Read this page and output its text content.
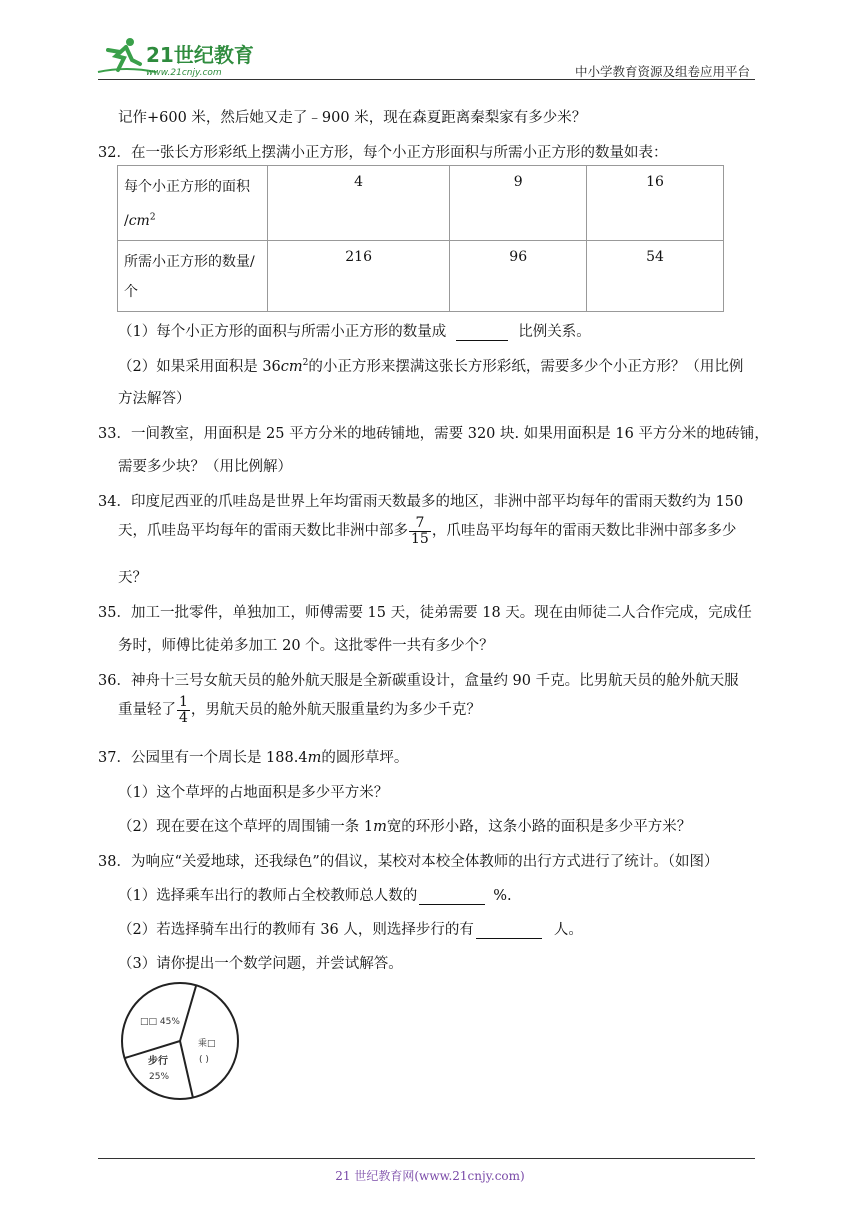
21世纪教育
www.21cnjy.com	中小学教育资源及组卷应用平台
记作+600 米，然后她又走了﹣900 米，现在森夏距离秦梨家有多少米？
32．在一张长方形彩纸上摆满小正方形，每个小正方形面积与所需小正方形的数量如表：
每个小正方形的面积
$/cm^2$	4	9	16
所需小正方形的数量/
个	216	96	54
（1）每个小正方形的面积与所需小正方形的数量成	比例关系。
（2）如果采用面积是 $36cm^2$的小正方形来摆满这张长方形彩纸，需要多少个小正方形？（用比例
方法解答）
33．一间教室，用面积是 25 平方分米的地砖铺地，需要 320 块. 如果用面积是 16 平方分米的地砖铺，
需要多少块？（用比例解）
34．印度尼西亚的爪哇岛是世界上年均雷雨天数最多的地区，非洲中部平均每年的雷雨天数约为 150
天，爪哇岛平均每年的雷雨天数比非洲中部多 $\frac{7}{15}$ ，爪哇岛平均每年的雷雨天数比非洲中部多多少
天？
35．加工一批零件，单独加工，师傅需要 15 天，徒弟需要 18 天。现在由师徒二人合作完成，完成任
务时，师傅比徒弟多加工 20 个。这批零件一共有多少个？
36．神舟十三号女航天员的舱外航天服是全新碳重设计，盒量约 90 千克。比男航天员的舱外航天服
重量轻了 $\frac{1}{4}$ ，男航天员的舱外航天服重量约为多少千克？
37．公园里有一个周长是 188.4m的圆形草坪。
（1）这个草坪的占地面积是多少平方米？
（2）现在要在这个草坪的周围铺一条 1m宽的环形小路，这条小路的面积是多少平方米？
38．为响应“关爱地球，还我绿色”的倡议，某校对本校全体教师的出行方式进行了统计。（如图）
（1）选择乘车出行的教师占全校教师总人数的	%.
（2）若选择骑车出行的教师有 36 人，则选择步行的有	人。
（3）请你提出一个数学问题，并尝试解答。
□□ 45%
乘□
( )
步行
25%
21 世纪教育网(www.21cnjy.com)
